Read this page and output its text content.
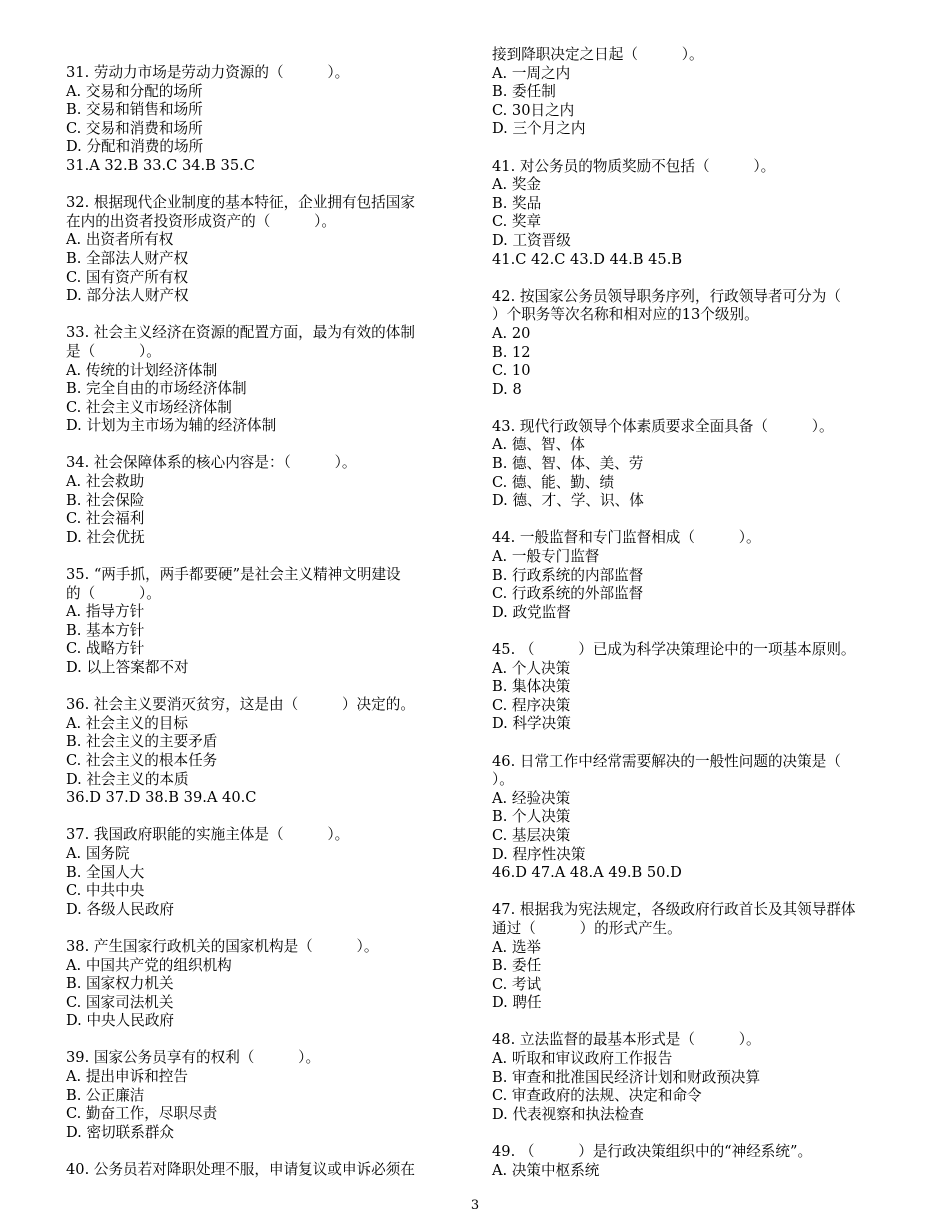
31. 劳动力市场是劳动力资源的（　　　）。
A. 交易和分配的场所
B. 交易和销售和场所
C. 交易和消费和场所
D. 分配和消费的场所
31.A 32.B 33.C 34.B 35.C
32. 根据现代企业制度的基本特征，企业拥有包括国家
在内的出资者投资形成资产的（　　　）。
A. 出资者所有权
B. 全部法人财产权
C. 国有资产所有权
D. 部分法人财产权
33. 社会主义经济在资源的配置方面，最为有效的体制
是（　　　）。
A. 传统的计划经济体制
B. 完全自由的市场经济体制
C. 社会主义市场经济体制
D. 计划为主市场为辅的经济体制
34. 社会保障体系的核心内容是：（　　　）。
A. 社会救助
B. 社会保险
C. 社会福利
D. 社会优抚
35. “两手抓，两手都要硬”是社会主义精神文明建设
的（　　　）。
A. 指导方针
B. 基本方针
C. 战略方针
D. 以上答案都不对
36. 社会主义要消灭贫穷，这是由（　　　）决定的。
A. 社会主义的目标
B. 社会主义的主要矛盾
C. 社会主义的根本任务
D. 社会主义的本质
36.D 37.D 38.B 39.A 40.C
37. 我国政府职能的实施主体是（　　　）。
A. 国务院
B. 全国人大
C. 中共中央
D. 各级人民政府
38. 产生国家行政机关的国家机构是（　　　）。
A. 中国共产党的组织机构
B. 国家权力机关
C. 国家司法机关
D. 中央人民政府
39. 国家公务员享有的权利（　　　）。
A. 提出申诉和控告
B. 公正廉洁
C. 勤奋工作，尽职尽责
D. 密切联系群众
40. 公务员若对降职处理不服，申请复议或申诉必须在
接到降职决定之日起（　　　）。
A. 一周之内
B. 委任制
C. 30日之内
D. 三个月之内
41. 对公务员的物质奖励不包括（　　　）。
A. 奖金
B. 奖品
C. 奖章
D. 工资晋级
41.C 42.C 43.D 44.B 45.B
42. 按国家公务员领导职务序列，行政领导者可分为（
）个职务等次名称和相对应的13个级别。
A. 20
B. 12
C. 10
D. 8
43. 现代行政领导个体素质要求全面具备（　　　）。
A. 德、智、体
B. 德、智、体、美、劳
C. 德、能、勤、绩
D. 德、才、学、识、体
44. 一般监督和专门监督相成（　　　）。
A. 一般专门监督
B. 行政系统的内部监督
C. 行政系统的外部监督
D. 政党监督
45. （　　　）已成为科学决策理论中的一项基本原则。
A. 个人决策
B. 集体决策
C. 程序决策
D. 科学决策
46. 日常工作中经常需要解决的一般性问题的决策是（
）。
A. 经验决策
B. 个人决策
C. 基层决策
D. 程序性决策
46.D 47.A 48.A 49.B 50.D
47. 根据我为宪法规定，各级政府行政首长及其领导群体
通过（　　　）的形式产生。
A. 选举
B. 委任
C. 考试
D. 聘任
48. 立法监督的最基本形式是（　　　）。
A. 听取和审议政府工作报告
B. 审查和批准国民经济计划和财政预决算
C. 审查政府的法规、决定和命令
D. 代表视察和执法检查
49. （　　　）是行政决策组织中的“神经系统”。
A. 决策中枢系统
3
